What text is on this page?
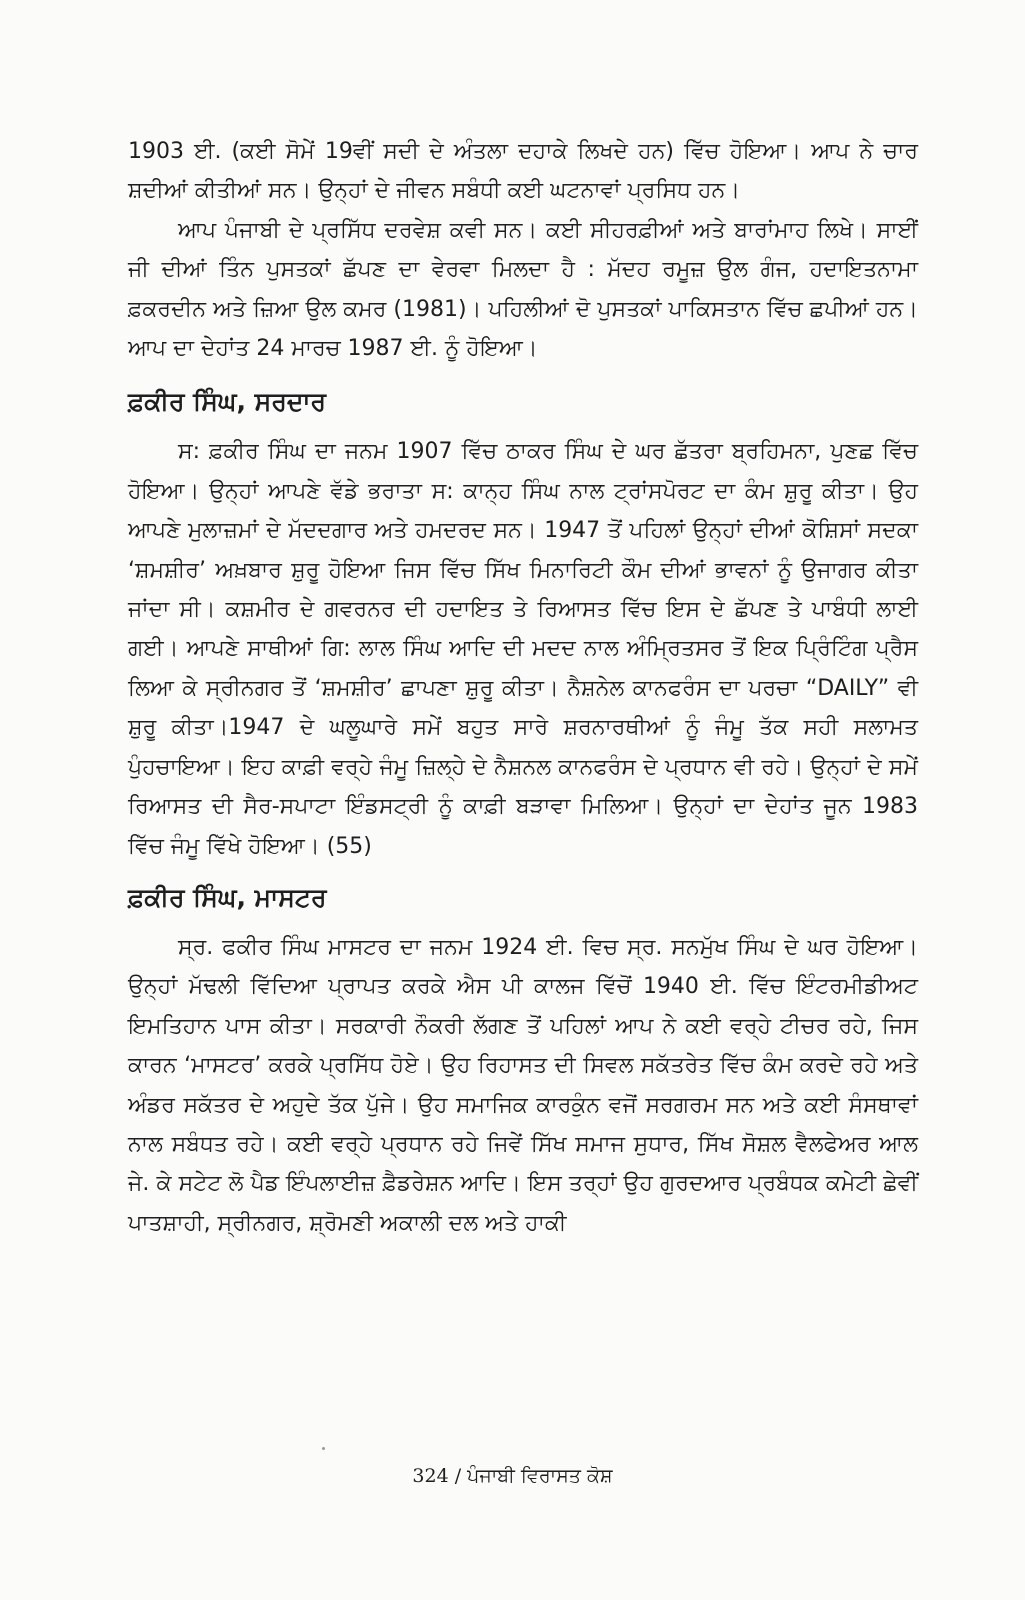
1903 ਈ. (ਕਈ ਸੋਮੇਂ 19ਵੀਂ ਸਦੀ ਦੇ ਅੰਤਲਾ ਦਹਾਕੇ ਲਿਖਦੇ ਹਨ) ਵਿੱਚ ਹੋਇਆ। ਆਪ ਨੇ ਚਾਰ ਸ਼ਦੀਆਂ ਕੀਤੀਆਂ ਸਨ। ਉਨ੍ਹਾਂ ਦੇ ਜੀਵਨ ਸਬੰਧੀ ਕਈ ਘਟਨਾਵਾਂ ਪ੍ਰਸਿਧ ਹਨ।

ਆਪ ਪੰਜਾਬੀ ਦੇ ਪ੍ਰਸਿੱਧ ਦਰਵੇਸ਼ ਕਵੀ ਸਨ। ਕਈ ਸੀਹਰਫ਼ੀਆਂ ਅਤੇ ਬਾਰਾਂਮਾਹ ਲਿਖੇ। ਸਾਈਂ ਜੀ ਦੀਆਂ ਤਿੰਨ ਪੁਸਤਕਾਂ ਛੱਪਣ ਦਾ ਵੇਰਵਾ ਮਿਲਦਾ ਹੈ : ਮੱਦਹ ਰਮੂਜ਼ ਉਲ ਗੰਜ, ਹਦਾਇਤਨਾਮਾ ਫ਼ਕਰਦੀਨ ਅਤੇ ਜ਼ਿਆ ਉਲ ਕਮਰ (1981)। ਪਹਿਲੀਆਂ ਦੋ ਪੁਸਤਕਾਂ ਪਾਕਿਸਤਾਨ ਵਿੱਚ ਛਪੀਆਂ ਹਨ। ਆਪ ਦਾ ਦੇਹਾਂਤ 24 ਮਾਰਚ 1987 ਈ. ਨੂੰ ਹੋਇਆ।

ਫ਼ਕੀਰ ਸਿੰਘ, ਸਰਦਾਰ

ਸ: ਫ਼ਕੀਰ ਸਿੰਘ ਦਾ ਜਨਮ 1907 ਵਿੱਚ ਠਾਕਰ ਸਿੰਘ ਦੇ ਘਰ ਛੱਤਰਾ ਬ੍ਰਹਿਮਨਾ, ਪੁਣਛ ਵਿੱਚ ਹੋਇਆ। ਉਨ੍ਹਾਂ ਆਪਣੇ ਵੱਡੇ ਭਰਾਤਾ ਸ: ਕਾਨ੍ਹ ਸਿੰਘ ਨਾਲ ਟ੍ਰਾਂਸਪੋਰਟ ਦਾ ਕੰਮ ਸ਼ੁਰੂ ਕੀਤਾ। ਉਹ ਆਪਣੇ ਮੁਲਾਜ਼ਮਾਂ ਦੇ ਮੱਦਦਗਾਰ ਅਤੇ ਹਮਦਰਦ ਸਨ। 1947 ਤੋਂ ਪਹਿਲਾਂ ਉਨ੍ਹਾਂ ਦੀਆਂ ਕੋਸ਼ਿਸਾਂ ਸਦਕਾ ‘ਸ਼ਮਸ਼ੀਰ’ ਅਖ਼ਬਾਰ ਸ਼ੁਰੂ ਹੋਇਆ ਜਿਸ ਵਿੱਚ ਸਿੱਖ ਮਿਨਾਰਿਟੀ ਕੌਮ ਦੀਆਂ ਭਾਵਨਾਂ ਨੂੰ ਉਜਾਗਰ ਕੀਤਾ ਜਾਂਦਾ ਸੀ। ਕਸ਼ਮੀਰ ਦੇ ਗਵਰਨਰ ਦੀ ਹਦਾਇਤ ਤੇ ਰਿਆਸਤ ਵਿੱਚ ਇਸ ਦੇ ਛੱਪਣ ਤੇ ਪਾਬੰਧੀ ਲਾਈ ਗਈ। ਆਪਣੇ ਸਾਥੀਆਂ ਗਿ: ਲਾਲ ਸਿੰਘ ਆਦਿ ਦੀ ਮਦਦ ਨਾਲ ਅੰਮ੍ਰਿਤਸਰ ਤੋਂ ਇਕ ਪ੍ਰਿੰਟਿੰਗ ਪ੍ਰੈਸ ਲਿਆ ਕੇ ਸ੍ਰੀਨਗਰ ਤੋਂ ‘ਸ਼ਮਸ਼ੀਰ’ ਛਾਪਣਾ ਸ਼ੁਰੂ ਕੀਤਾ। ਨੈਸ਼ਨੇਲ ਕਾਨਫਰੰਸ ਦਾ ਪਰਚਾ “DAILY” ਵੀ ਸ਼ੁਰੂ ਕੀਤਾ।1947 ਦੇ ਘਲੂਘਾਰੇ ਸਮੇਂ ਬਹੁਤ ਸਾਰੇ ਸ਼ਰਨਾਰਥੀਆਂ ਨੂੰ ਜੰਮੂ ਤੱਕ ਸਹੀ ਸਲਾਮਤ ਪੁੰਹਚਾਇਆ। ਇਹ ਕਾਫ਼ੀ ਵਰ੍ਹੇ ਜੰਮੂ ਜ਼ਿਲ੍ਹੇ ਦੇ ਨੈਸ਼ਨਲ ਕਾਨਫਰੰਸ ਦੇ ਪ੍ਰਧਾਨ ਵੀ ਰਹੇ। ਉਨ੍ਹਾਂ ਦੇ ਸਮੇਂ ਰਿਆਸਤ ਦੀ ਸੈਰ-ਸਪਾਟਾ ਇੰਡਸਟ੍ਰੀ ਨੂੰ ਕਾਫ਼ੀ ਬੜਾਵਾ ਮਿਲਿਆ। ਉਨ੍ਹਾਂ ਦਾ ਦੇਹਾਂਤ ਜੂਨ 1983 ਵਿੱਚ ਜੰਮੂ ਵਿੱਖੇ ਹੋਇਆ। (55)

ਫ਼ਕੀਰ ਸਿੰਘ, ਮਾਸਟਰ

ਸ੍ਰ. ਫਕੀਰ ਸਿੰਘ ਮਾਸਟਰ ਦਾ ਜਨਮ 1924 ਈ. ਵਿਚ ਸ੍ਰ. ਸਨਮੁੱਖ ਸਿੰਘ ਦੇ ਘਰ ਹੋਇਆ। ਉਨ੍ਹਾਂ ਮੱਢਲੀ ਵਿੱਦਿਆ ਪ੍ਰਾਪਤ ਕਰਕੇ ਐਸ ਪੀ ਕਾਲਜ ਵਿੱਚੋਂ 1940 ਈ. ਵਿੱਚ ਇੰਟਰਮੀਡੀਅਟ ਇਮਤਿਹਾਨ ਪਾਸ ਕੀਤਾ। ਸਰਕਾਰੀ ਨੌਕਰੀ ਲੱਗਣ ਤੋਂ ਪਹਿਲਾਂ ਆਪ ਨੇ ਕਈ ਵਰ੍ਹੇ ਟੀਚਰ ਰਹੇ, ਜਿਸ ਕਾਰਨ ‘ਮਾਸਟਰ’ ਕਰਕੇ ਪ੍ਰਸਿੱਧ ਹੋਏ। ਉਹ ਰਿਹਾਸਤ ਦੀ ਸਿਵਲ ਸਕੱਤਰੇਤ ਵਿੱਚ ਕੰਮ ਕਰਦੇ ਰਹੇ ਅਤੇ ਅੰਡਰ ਸਕੱਤਰ ਦੇ ਅਹੁਦੇ ਤੱਕ ਪੁੱਜੇ। ਉਹ ਸਮਾਜਿਕ ਕਾਰਕੁੰਨ ਵਜੋਂ ਸਰਗਰਮ ਸਨ ਅਤੇ ਕਈ ਸੰਸਥਾਵਾਂ ਨਾਲ ਸਬੰਧਤ ਰਹੇ। ਕਈ ਵਰ੍ਹੇ ਪ੍ਰਧਾਨ ਰਹੇ ਜਿਵੇਂ ਸਿੱਖ ਸਮਾਜ ਸੁਧਾਰ, ਸਿੱਖ ਸੋਸ਼ਲ ਵੈਲਫੇਅਰ ਆਲ ਜੇ. ਕੇ ਸਟੇਟ ਲੋ ਪੈਡ ਇੰਪਲਾਈਜ਼ ਫ਼ੈਡਰੇਸ਼ਨ ਆਦਿ। ਇਸ ਤਰ੍ਹਾਂ ਉਹ ਗੁਰਦਆਰ ਪ੍ਰਬੰਧਕ ਕਮੇਟੀ ਛੇਵੀਂ ਪਾਤਸ਼ਾਹੀ, ਸ੍ਰੀਨਗਰ, ਸ਼੍ਰੋਮਣੀ ਅਕਾਲੀ ਦਲ ਅਤੇ ਹਾਕੀ

324 / ਪੰਜਾਬੀ ਵਿਰਾਸਤ ਕੋਸ਼
